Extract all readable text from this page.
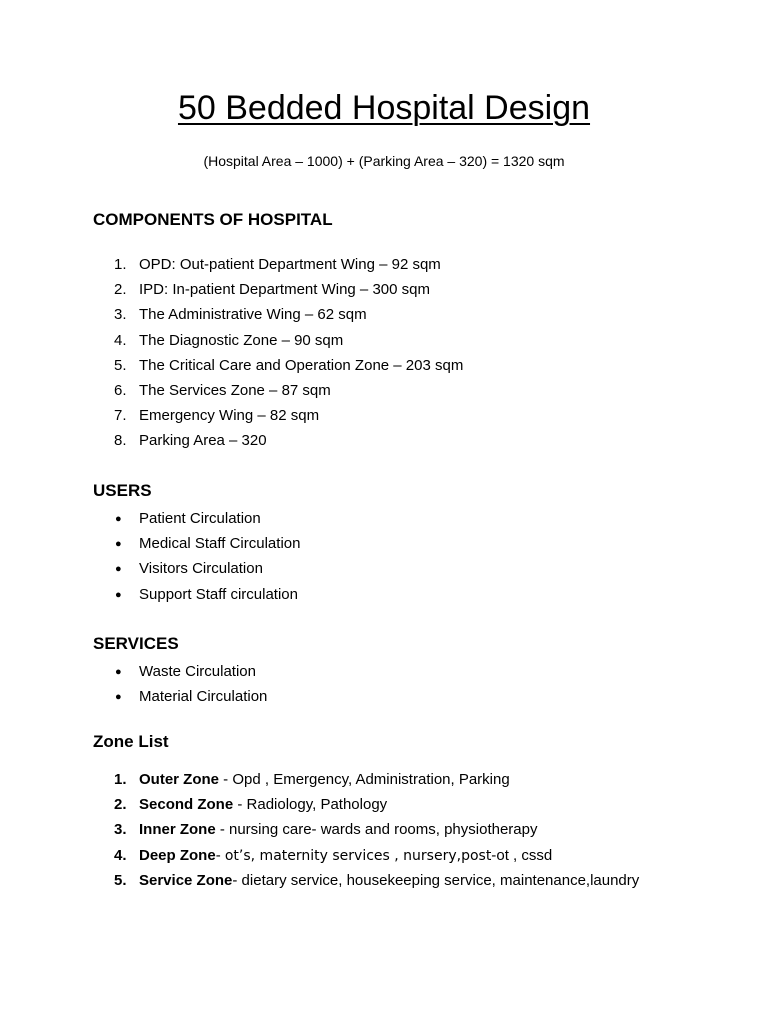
50 Bedded Hospital Design
(Hospital Area – 1000) + (Parking Area – 320) = 1320 sqm
COMPONENTS OF HOSPITAL
1. OPD: Out-patient Department Wing – 92 sqm
2. IPD: In-patient Department Wing – 300 sqm
3. The Administrative Wing – 62 sqm
4. The Diagnostic Zone – 90 sqm
5. The Critical Care and Operation Zone – 203 sqm
6. The Services Zone – 87 sqm
7. Emergency Wing – 82 sqm
8. Parking Area – 320
USERS
● Patient Circulation
● Medical Staff Circulation
● Visitors Circulation
● Support Staff circulation
SERVICES
● Waste Circulation
● Material Circulation
Zone List
1. Outer Zone - Opd , Emergency, Administration, Parking
2. Second Zone - Radiology, Pathology
3. Inner Zone - nursing care- wards and rooms, physiotherapy
4. Deep Zone- ot’s, maternity services , nursery,post-ot , cssd
5. Service Zone- dietary service, housekeeping service, maintenance,laundry
